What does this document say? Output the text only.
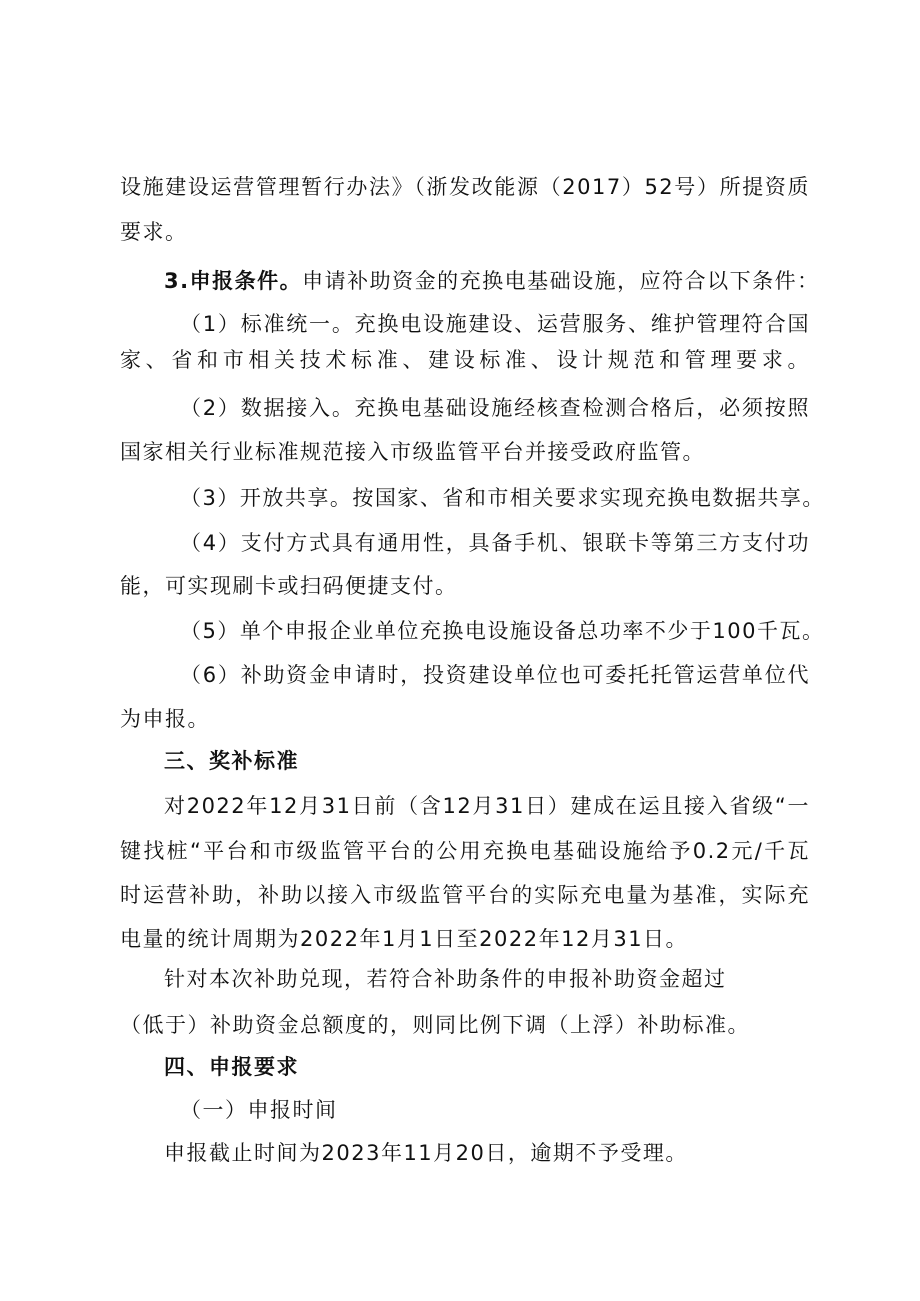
设施建设运营管理暂行办法》（浙发改能源（2017）52号）所提资质
要求。
3.申报条件。申请补助资金的充换电基础设施，应符合以下条件：
（1）标准统一。充换电设施建设、运营服务、维护管理符合国
家、省和市相关技术标准、建设标准、设计规范和管理要求。
（2）数据接入。充换电基础设施经核查检测合格后，必须按照
国家相关行业标准规范接入市级监管平台并接受政府监管。
（3）开放共享。按国家、省和市相关要求实现充换电数据共享。
（4）支付方式具有通用性，具备手机、银联卡等第三方支付功
能，可实现刷卡或扫码便捷支付。
（5）单个申报企业单位充换电设施设备总功率不少于100千瓦。
（6）补助资金申请时，投资建设单位也可委托托管运营单位代
为申报。
三、奖补标准
对2022年12月31日前（含12月31日）建成在运且接入省级“一
键找桩“平台和市级监管平台的公用充换电基础设施给予0.2元/千瓦
时运营补助，补助以接入市级监管平台的实际充电量为基准，实际充
电量的统计周期为2022年1月1日至2022年12月31日。
针对本次补助兑现，若符合补助条件的申报补助资金超过
（低于）补助资金总额度的，则同比例下调（上浮）补助标准。
四、申报要求
（一）申报时间
申报截止时间为2023年11月20日，逾期不予受理。
